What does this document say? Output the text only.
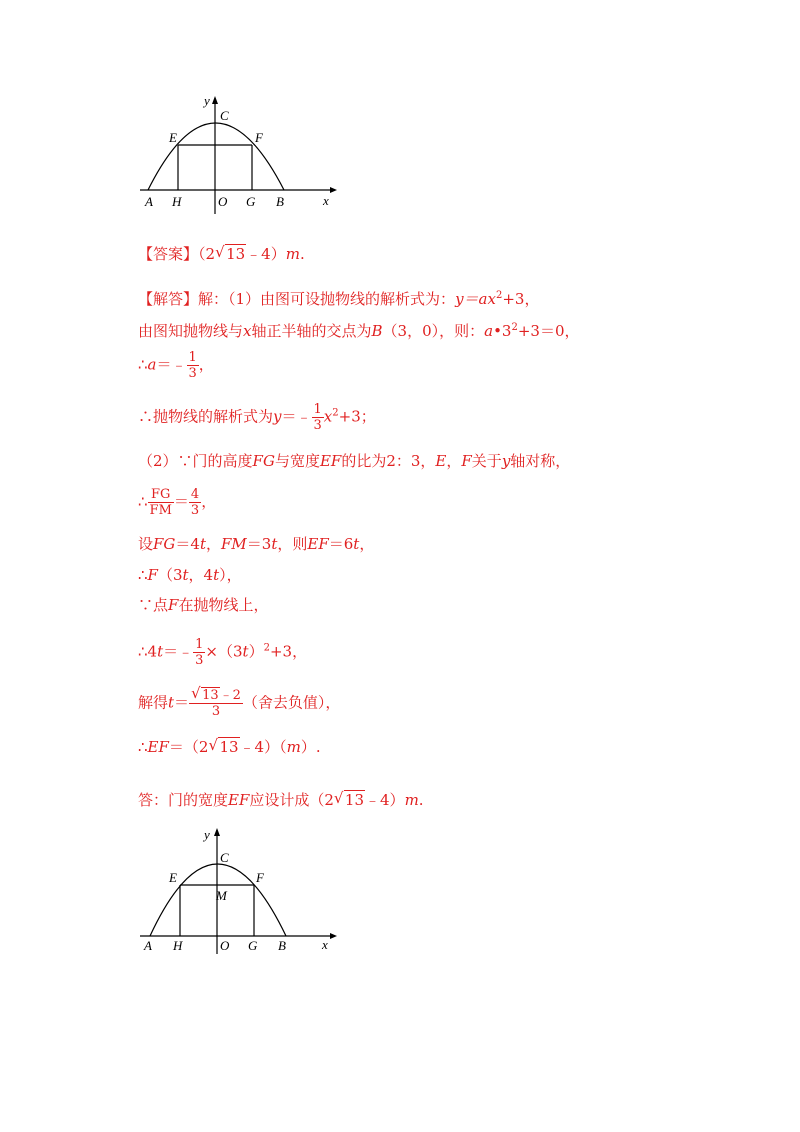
y
C
E	F
A H	O G B	x
【答案】（2 √ 13﹣4）m.
【解答】解：（1）由图可设抛物线的解析式为：$y=ax^2+3$，
由图知抛物线与x轴正半轴的交点为B（3，0），则：$a•3^2+3=0$，
∴a＝﹣ $\frac{1}{3}$ ，
∴抛物线的解析式为y＝﹣ $\frac{1}{3} x^2+3$；
（2）∵门的高度FG与宽度EF的比为2：3，E，F关于y轴对称，
∴ $\frac{FG}{FM} = \frac{4}{3}$ ，
设FG＝4t，FM＝3t，则EF＝6t，
∴F（3t，4t），
∵点F在抛物线上，
∴4t＝﹣ $\frac{1}{3} \times(3t)^2+3$，
解得$t= \frac{√ 13﹣2}{3}$ （舍去负值），
∴EF＝（2 √ 13﹣4）（m）.
答：门的宽度EF应设计成（2 √ 13﹣4）m.
y
C
E	F
M
A H	O G B	x
